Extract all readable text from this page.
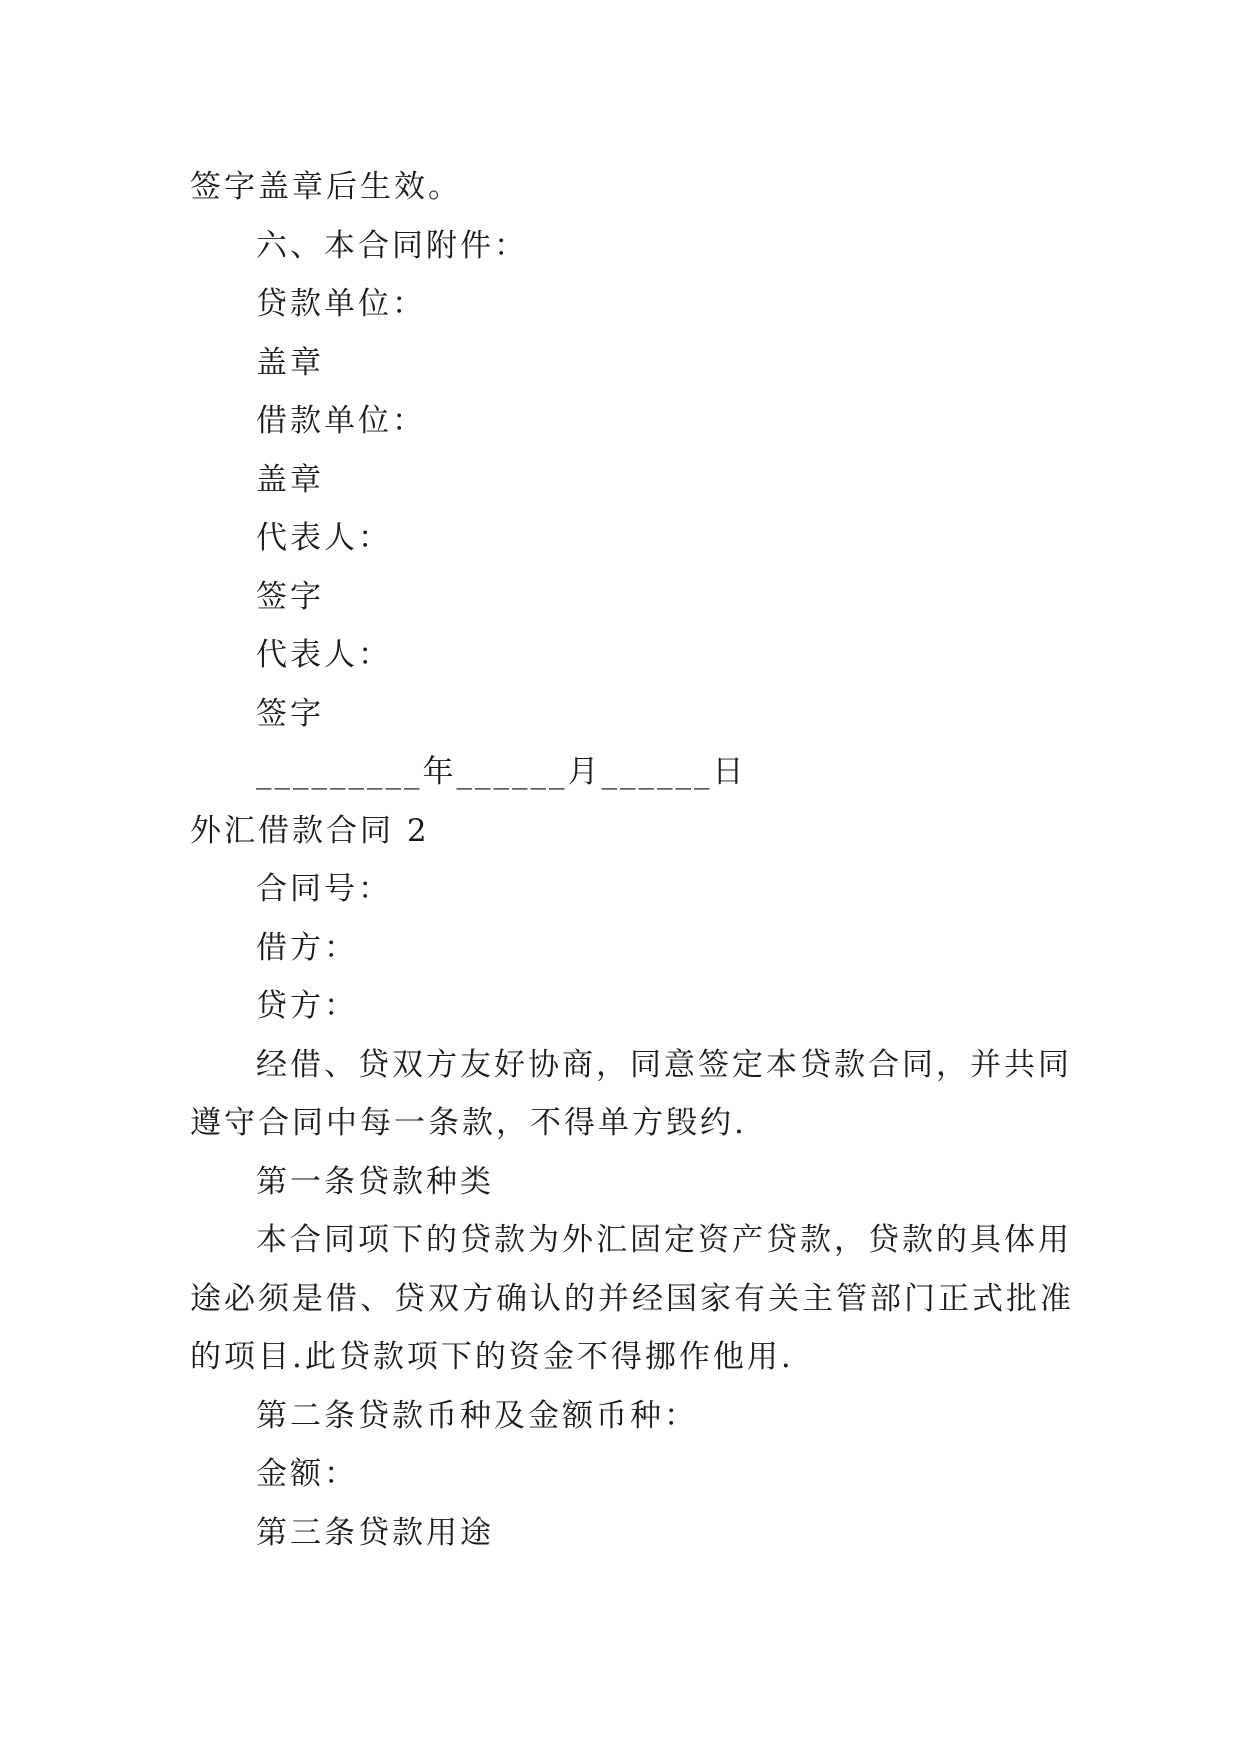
签字盖章后生效。
六、本合同附件：
贷款单位：
盖章
借款单位：
盖章
代表人：
签字
代表人：
签字
_________年______月______日
外汇借款合同 2
合同号：
借方：
贷方：
经借、贷双方友好协商，同意签定本贷款合同，并共同
遵守合同中每一条款，不得单方毁约.
第一条贷款种类
本合同项下的贷款为外汇固定资产贷款，贷款的具体用
途必须是借、贷双方确认的并经国家有关主管部门正式批准
的项目.此贷款项下的资金不得挪作他用.
第二条贷款币种及金额币种：
金额：
第三条贷款用途
